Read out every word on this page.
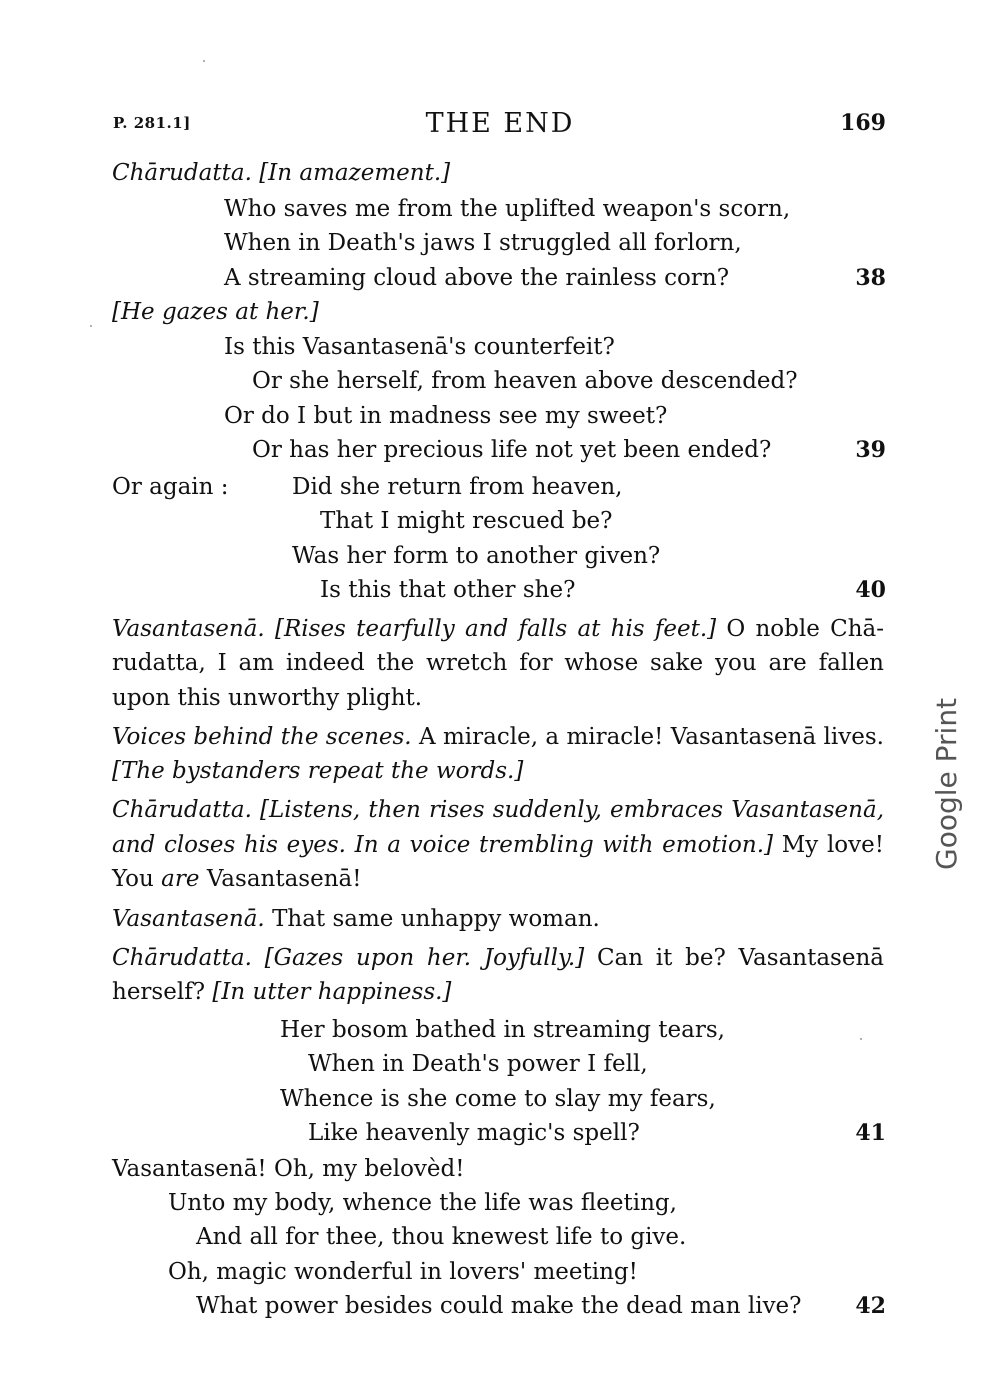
P. 281.1]	THE END	169
Chārudatta. [In amazement.]
Who saves me from the uplifted weapon's scorn,
When in Death's jaws I struggled all forlorn,
A streaming cloud above the rainless corn?	38
[He gazes at her.]
Is this Vasantasenā's counterfeit?
Or she herself, from heaven above descended?
Or do I but in madness see my sweet?
Or has her precious life not yet been ended?	39
Or again :	Did she return from heaven,
That I might rescued be?
Was her form to another given?
Is this that other she?	40
Vasantasenā. [Rises tearfully and falls at his feet.] O noble Chā-
rudatta, I am indeed the wretch for whose sake you are fallen
upon this unworthy plight.
Voices behind the scenes. A miracle, a miracle! Vasantasenā lives.
[The bystanders repeat the words.]
Chārudatta. [Listens, then rises suddenly, embraces Vasantasenā,
and closes his eyes. In a voice trembling with emotion.] My love!
You are Vasantasenā!
Vasantasenā. That same unhappy woman.
Chārudatta. [Gazes upon her. Joyfully.] Can it be? Vasantasenā
herself? [In utter happiness.]
Her bosom bathed in streaming tears,
When in Death's power I fell,
Whence is she come to slay my fears,
Like heavenly magic's spell?	41
Vasantasenā! Oh, my belovèd!
Unto my body, whence the life was fleeting,
And all for thee, thou knewest life to give.
Oh, magic wonderful in lovers' meeting!
What power besides could make the dead man live?	42
Google Print
